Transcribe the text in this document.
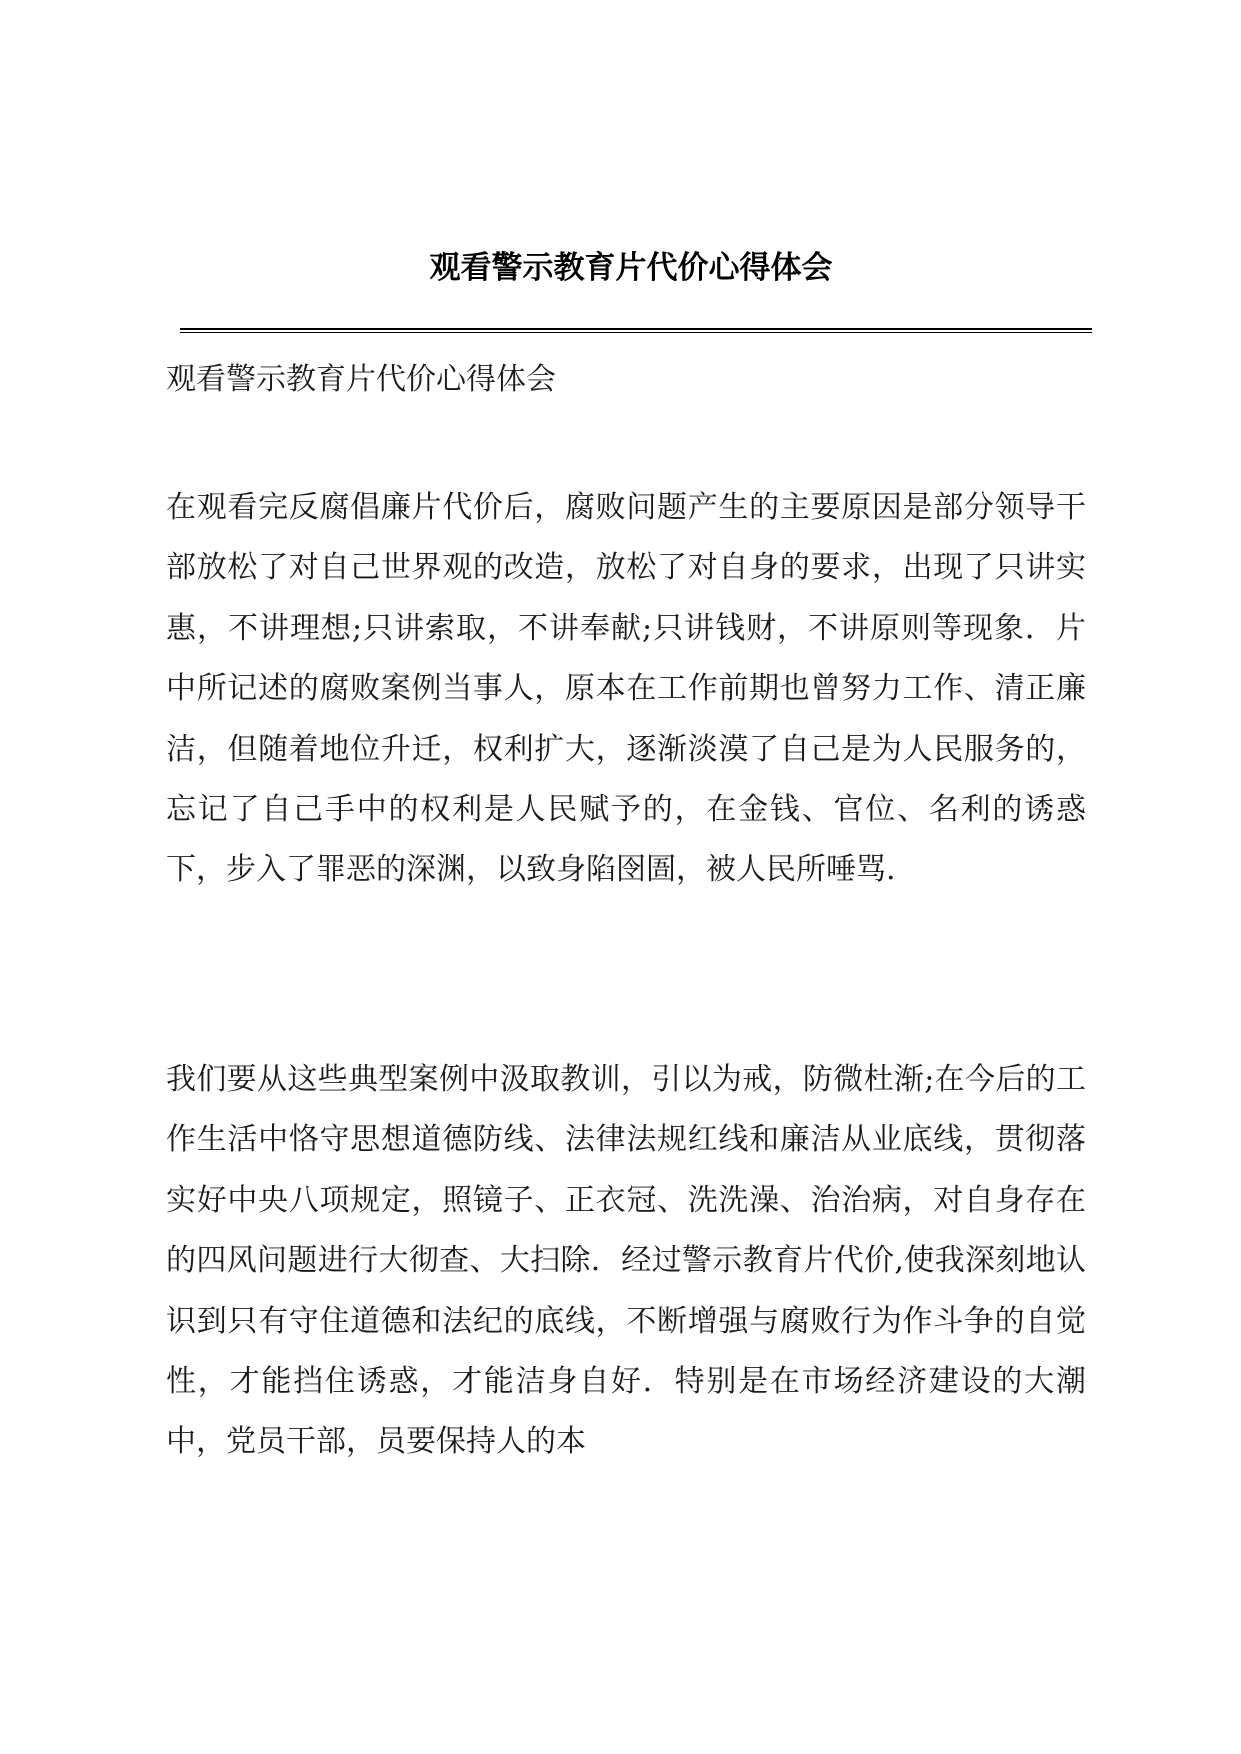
观看警示教育片代价心得体会
观看警示教育片代价心得体会
在观看完反腐倡廉片代价后，腐败问题产生的主要原因是部分领导干部放松了对自己世界观的改造，放松了对自身的要求，出现了只讲实惠，不讲理想;只讲索取，不讲奉献;只讲钱财，不讲原则等现象．片中所记述的腐败案例当事人，原本在工作前期也曾努力工作、清正廉洁，但随着地位升迁，权利扩大，逐渐淡漠了自己是为人民服务的，忘记了自己手中的权利是人民赋予的，在金钱、官位、名利的诱惑下，步入了罪恶的深渊，以致身陷囹圄，被人民所唾骂.
我们要从这些典型案例中汲取教训，引以为戒，防微杜渐;在今后的工作生活中恪守思想道德防线、法律法规红线和廉洁从业底线，贯彻落实好中央八项规定，照镜子、正衣冠、洗洗澡、治治病，对自身存在的四风问题进行大彻查、大扫除．经过警示教育片代价,使我深刻地认识到只有守住道德和法纪的底线，不断增强与腐败行为作斗争的自觉性，才能挡住诱惑，才能洁身自好．特别是在市场经济建设的大潮中，党员干部，员要保持人的本
